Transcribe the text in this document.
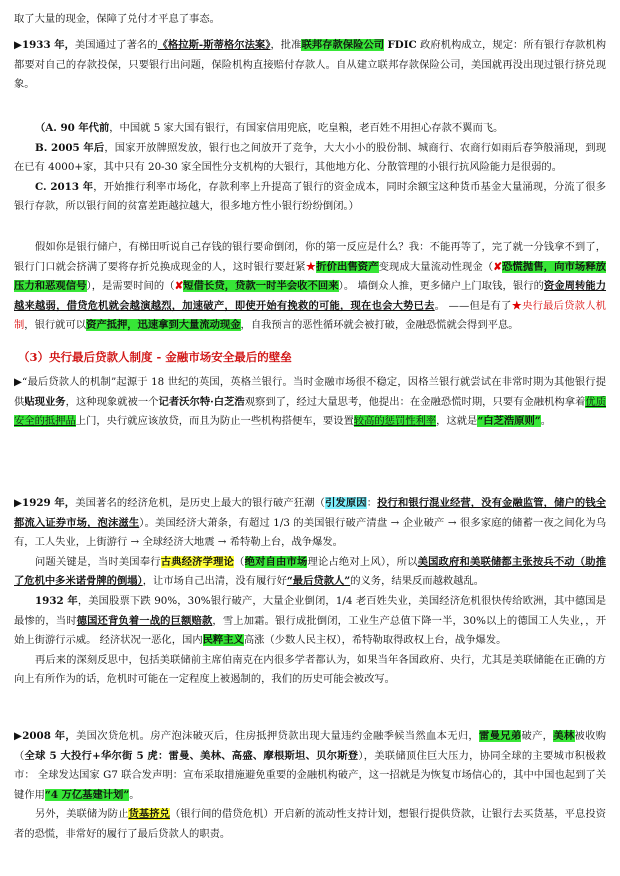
取了大量的现金，保障了兑付才平息了事态。
▶1933 年，美国通过了著名的《格拉斯-斯蒂格尔法案》，批准联邦存款保险公司 FDIC 政府机构成立，规定：所有银行存款机构都要对自己的存款投保，只要银行出问题，保险机构直接赔付存款人。自从建立联邦存款保险公司，美国就再没出现过银行挤兑现象。
（A. 90 年代前，中国就 5 家大国有银行，有国家信用兜底，吃皇粮，老百姓不用担心存款不翼而飞。
B. 2005 年后，国家开放牌照发放，银行也之间放开了竞争，大大小小的股份制、城商行、农商行如雨后春笋般涌现，到现在已有 4000+家，其中只有 20-30 家全国性分支机构的大银行，其他地方化、分散管理的小银行抗风险能力是很弱的。
C. 2013 年，开始推行利率市场化，存款利率上升提高了银行的资金成本，同时余额宝这种货币基金大量涌现，分流了很多银行存款，所以银行间的贫富差距越拉越大，很多地方性小银行纷纷倒闭。）
假如你是银行储户，有梯田听说自己存钱的银行要命倒闭，你的第一反应是什么？我：不能再等了，完了就一分钱拿不到了，银行门口就会挤满了要将存折兑换成现金的人，这时银行要赶紧★折价出售资产变现成大量流动性现金（✘恐慌抛售，向市场释放压力和恶观信号），是需要时间的（✘短借长贷，贷款一时半会收不回来）。 墙倒众人推，更多储户上门取钱，银行的资金周转能力越来越弱，借贷危机就会越演越烈，加速破产，即使开始有挽救的可能，现在也会大势已去。 ——但是有了★央行最后贷款人机制，银行就可以资产抵押，迅速拿到大量流动现金，自我预言的恶性循环就会被打破，金融恐慌就会得到平息。
（3）央行最后贷款人制度 - 金融市场安全最后的壁垒
▶“最后贷款人的机制”起源于 18 世纪的英国，英格兰银行。当时金融市场很不稳定，因格兰银行就尝试在非常时期为其他银行提供贴现业务，这种现象就被一个记者沃尔特·白芝浩观察到了，经过大量思考，他提出：在金融恐慌时期，只要有金融机构拿着优质安全的抵押品上门，央行就应该放贷，而且为防止一些机构搭便车，要设置较高的惩罚性利率，这就是“白芝浩原则”。
▶1929 年，美国著名的经济危机，是历史上最大的银行破产狂潮（引发原因：投行和银行混业经营，没有金融监管，储户的钱全都流入证券市场，泡沫滋生）。美国经济大萧条，有超过 1/3 的美国银行破产清盘 → 企业破产 → 很多家庭的储蓄一夜之间化为乌有，工人失业，上街游行 → 全球经济大地震 → 希特勒上台，战争爆发。
问题关键是，当时美国奉行古典经济学理论（绝对自由市场理论占绝对上风），所以美国政府和美联储都主张按兵不动（助推了危机中多米诺骨牌的倒塌），让市场自己出清，没有履行好“最后贷款人”的义务，结果反而越救越乱。
1932 年，美国股票下跌 90%，30%银行破产，大量企业倒闭，1/4 老百姓失业，美国经济危机很快传给欧洲，其中德国是最惨的，当时德国还背负着一战的巨额赔款，雪上加霜。银行成批倒闭，工业生产总值下降一半，30%以上的德国工人失业，，开始上街游行示威。 经济状况一恶化，国内民粹主义高涨（少数人民主权），希特勒取得政权上台，战争爆发。
再后来的深刻反思中，包括美联储前主席伯南克在内很多学者都认为，如果当年各国政府、央行，尤其是美联储能在正确的方向上有所作为的话，危机时可能在一定程度上被遏制的，我们的历史可能会被改写。
▶2008 年，美国次贷危机。房产泡沫破灭后，住房抵押贷款出现大量违约金融季候当然血本无归，雷曼兄弟破产，美林被收购（全球 5 大投行+华尔街 5 虎：雷曼、美林、高盛、摩根斯坦、贝尔斯登），美联储顶住巨大压力，协同全球的主要城市积极救市： 全球发达国家 G7 联合发声明：宣布采取措施避免重要的金融机构破产，这一招就是为恢复市场信心的，其中中国也起到了关键作用“4 万亿基建计划”。
另外，美联储为防止货基挤兑（银行间的借贷危机）开启新的流动性支持计划，想银行提供贷款，让银行去买货基，平息投资者的恐慌，非常好的履行了最后贷款人的职责。
